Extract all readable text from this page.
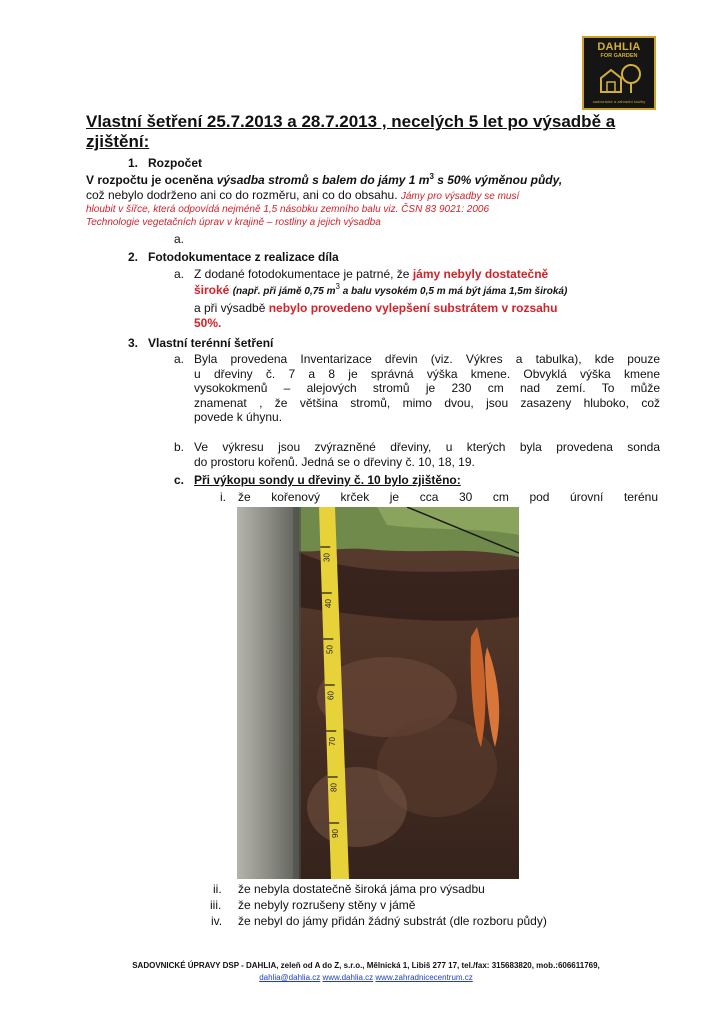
DAHLIA
FOR GARDEN
sadovnické a zahradní služby
Vlastní šetření 25.7.2013 a 28.7.2013 , necelých 5 let po výsadbě a zjištění:
1. Rozpočet

V rozpočtu je oceněna výsadba stromů s balem do jámy 1 $m^3$ s 50% výměnou půdy,

což nebylo dodrženo ani co do rozměru, ani co do obsahu. Jámy pro výsadby se musí

hloubit v šířce, která odpovídá nejméně 1,5 násobku zemního balu viz. ČSN 83 9021: 2006

Technologie vegetačních úprav v krajině – rostliny a jejich výsadba

a.
2. Fotodokumentace z realizace díla
a. Z dodané fotodokumentace je patrné, že jámy nebyly dostatečně

široké (např. při jámě 0,75 $m^3$ a balu vysokém 0,5 m má být jáma 1,5m široká)

a při výsadbě nebylo provedeno vylepšení substrátem v rozsahu

50%.

3. Vlastní terénní šetření
a. Byla provedena Inventarizace dřevin (viz. Výkres a tabulka), kde pouze

u dřeviny č. 7 a 8 je správná výška kmene. Obvyklá výška kmene

vysokokmenů – alejových stromů je 230 cm nad zemí. To může

znamenat , že většina stromů, mimo dvou, jsou zasazeny hluboko, což

povede k úhynu.

b. Ve výkresu jsou zvýrazněné dřeviny, u kterých byla provedena sonda

do prostoru kořenů. Jedná se o dřeviny č. 10, 18, 19.

c. Při výkopu sondy u dřeviny č. 10 bylo zjištěno:
i. že kořenový krček je cca 30 cm pod úrovní terénu
30
40
50
60
70
80
90
ii. že nebyla dostatečně široká jáma pro výsadbu
iii. že nebyly rozrušeny stěny v jámě
iv. že nebyl do jámy přidán žádný substrát (dle rozboru půdy)
SADOVNICKÉ ÚPRAVY DSP - DAHLIA, zeleň od A do Z, s.r.o., Mělnická 1, Libiš 277 17, tel./fax: 315683820, mob.:606611769,
dahlia@dahlia.cz www.dahlia.cz www.zahradnicecentrum.cz
